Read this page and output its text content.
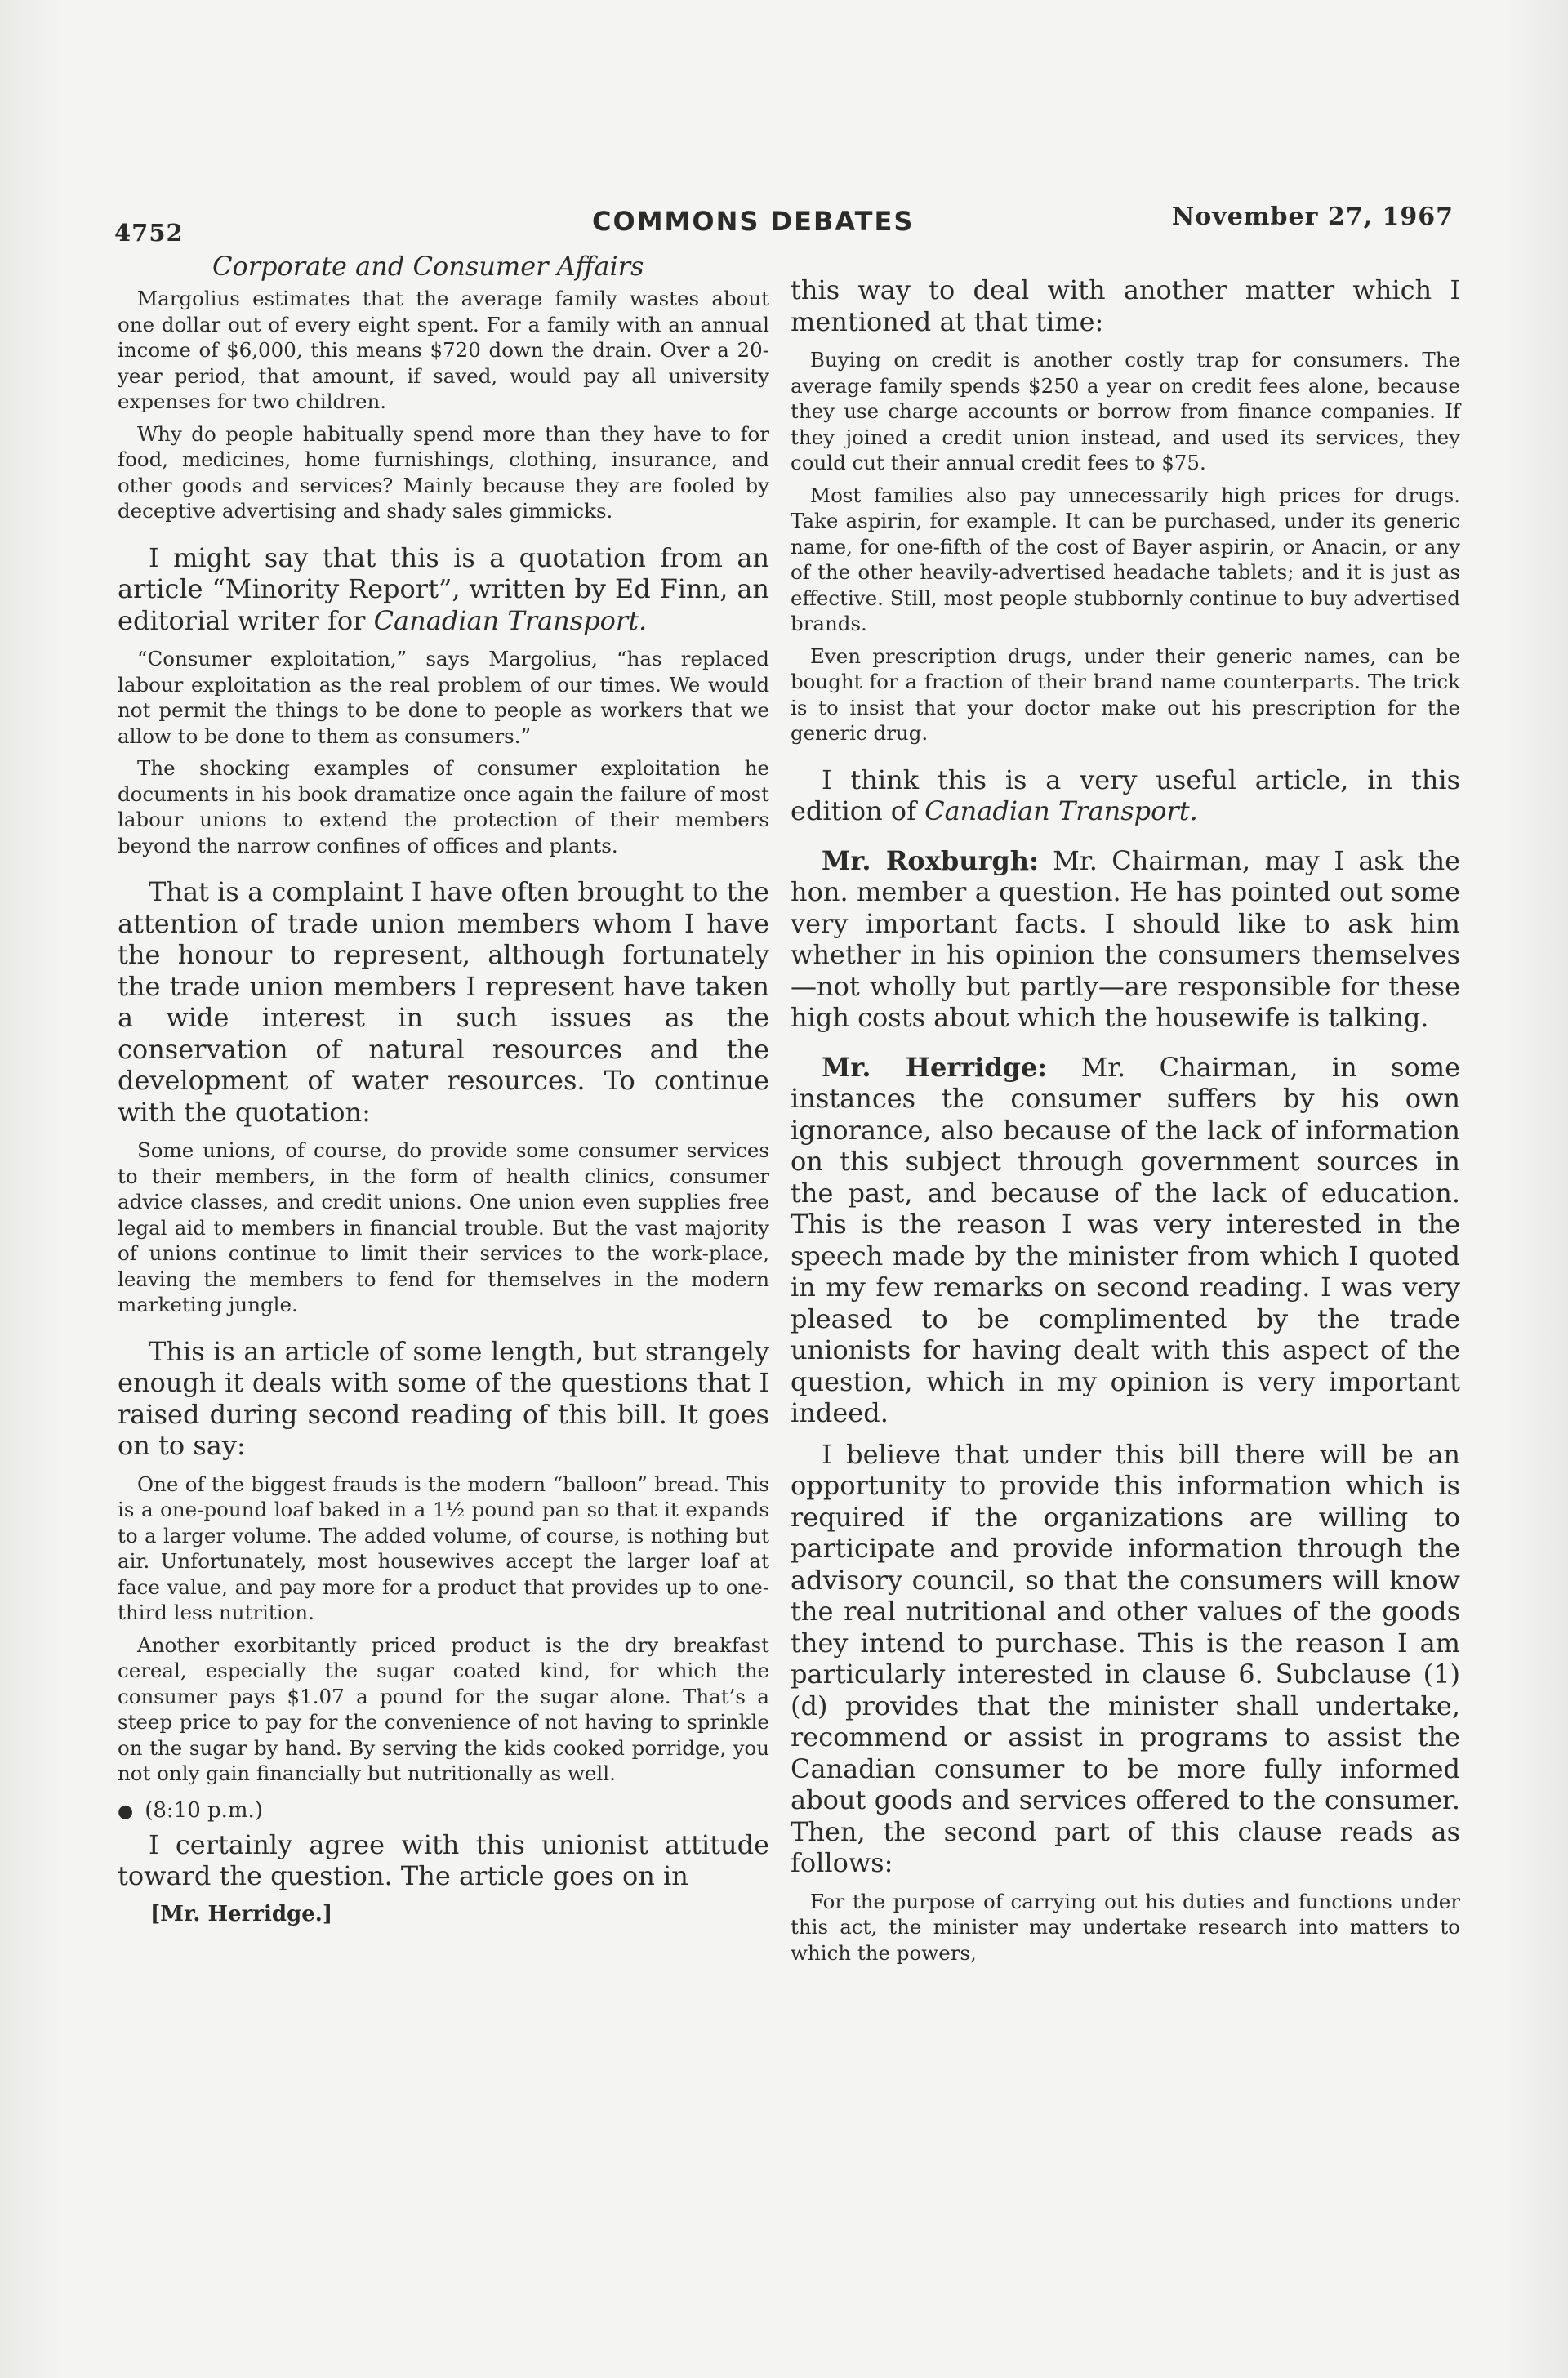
4752	COMMONS DEBATES	November 27, 1967
Corporate and Consumer Affairs

Margolius estimates that the average family wastes about one dollar out of every eight spent. For a family with an annual income of $6,000, this means $720 down the drain. Over a 20-year period, that amount, if saved, would pay all university expenses for two children.

Why do people habitually spend more than they have to for food, medicines, home furnishings, clothing, insurance, and other goods and services? Mainly because they are fooled by deceptive advertising and shady sales gimmicks.

I might say that this is a quotation from an article “Minority Report”, written by Ed Finn, an editorial writer for Canadian Transport.

“Consumer exploitation,” says Margolius, “has replaced labour exploitation as the real problem of our times. We would not permit the things to be done to people as workers that we allow to be done to them as consumers.”

The shocking examples of consumer exploitation he documents in his book dramatize once again the failure of most labour unions to extend the protection of their members beyond the narrow confines of offices and plants.

That is a complaint I have often brought to the attention of trade union members whom I have the honour to represent, although fortunately the trade union members I represent have taken a wide interest in such issues as the conservation of natural resources and the development of water resources. To continue with the quotation:

Some unions, of course, do provide some consumer services to their members, in the form of health clinics, consumer advice classes, and credit unions. One union even supplies free legal aid to members in financial trouble. But the vast majority of unions continue to limit their services to the work-place, leaving the members to fend for themselves in the modern marketing jungle.

This is an article of some length, but strangely enough it deals with some of the questions that I raised during second reading of this bill. It goes on to say:

One of the biggest frauds is the modern “balloon” bread. This is a one-pound loaf baked in a 1½ pound pan so that it expands to a larger volume. The added volume, of course, is nothing but air. Unfortunately, most housewives accept the larger loaf at face value, and pay more for a product that provides up to one-third less nutrition.

Another exorbitantly priced product is the dry breakfast cereal, especially the sugar coated kind, for which the consumer pays $1.07 a pound for the sugar alone. That’s a steep price to pay for the convenience of not having to sprinkle on the sugar by hand. By serving the kids cooked porridge, you not only gain financially but nutritionally as well.

● (8:10 p.m.)

I certainly agree with this unionist attitude toward the question. The article goes on in

[Mr. Herridge.]

this way to deal with another matter which I mentioned at that time:

Buying on credit is another costly trap for consumers. The average family spends $250 a year on credit fees alone, because they use charge accounts or borrow from finance companies. If they joined a credit union instead, and used its services, they could cut their annual credit fees to $75.

Most families also pay unnecessarily high prices for drugs. Take aspirin, for example. It can be purchased, under its generic name, for one-fifth of the cost of Bayer aspirin, or Anacin, or any of the other heavily-advertised headache tablets; and it is just as effective. Still, most people stubbornly continue to buy advertised brands.

Even prescription drugs, under their generic names, can be bought for a fraction of their brand name counterparts. The trick is to insist that your doctor make out his prescription for the generic drug.

I think this is a very useful article, in this edition of Canadian Transport.

Mr. Roxburgh: Mr. Chairman, may I ask the hon. member a question. He has pointed out some very important facts. I should like to ask him whether in his opinion the consumers themselves—not wholly but partly—are responsible for these high costs about which the housewife is talking.

Mr. Herridge: Mr. Chairman, in some instances the consumer suffers by his own ignorance, also because of the lack of information on this subject through government sources in the past, and because of the lack of education. This is the reason I was very interested in the speech made by the minister from which I quoted in my few remarks on second reading. I was very pleased to be complimented by the trade unionists for having dealt with this aspect of the question, which in my opinion is very important indeed.

I believe that under this bill there will be an opportunity to provide this information which is required if the organizations are willing to participate and provide information through the advisory council, so that the consumers will know the real nutritional and other values of the goods they intend to purchase. This is the reason I am particularly interested in clause 6. Subclause (1)(d) provides that the minister shall undertake, recommend or assist in programs to assist the Canadian consumer to be more fully informed about goods and services offered to the consumer. Then, the second part of this clause reads as follows:

For the purpose of carrying out his duties and functions under this act, the minister may undertake research into matters to which the powers,
